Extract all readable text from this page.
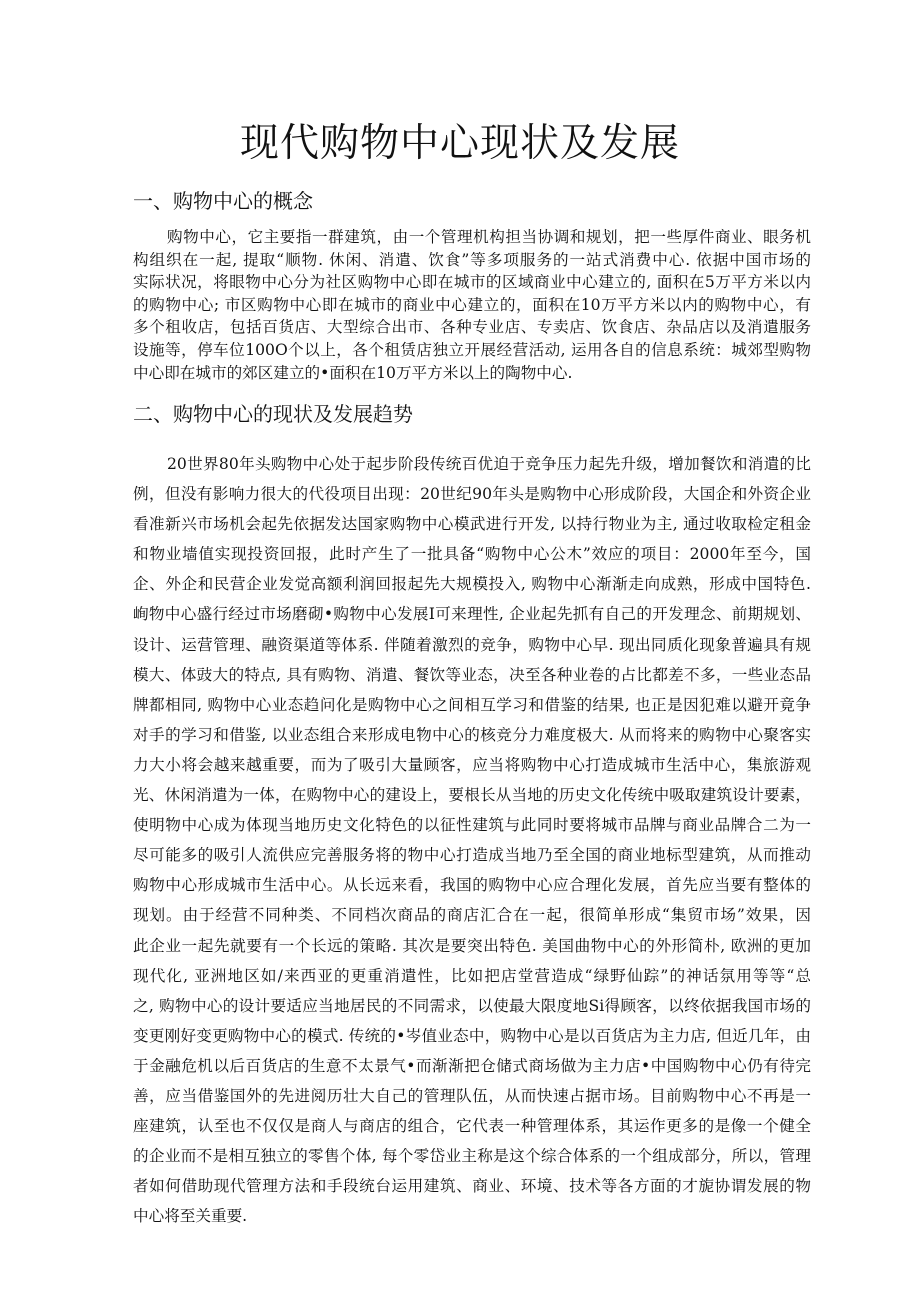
现代购物中心现状及发展
一、购物中心的概念
购物中心，它主要指一群建筑，由一个管理机构担当协调和规划，把一些厚件商业、眼务机
构组织在一起, 提取“顺物. 休闲、消遣、饮食”等多项服务的一站式消费中心. 依据中国市场的
实际状况，将眼物中心分为社区购物中心即在城市的区域商业中心建立的, 面积在5万平方米以内
的购物中心; 市区购物中心即在城市的商业中心建立的，面积在10万平方米以内的购物中心，有
多个租收店，包括百货店、大型综合出市、各种专业店、专卖店、饮食店、杂品店以及消遣服务
设施等，停车位100O个以上，各个租赁店独立开展经营活动, 运用各自的信息系统：城郊型购物
中心即在城市的郊区建立的•面积在10万平方米以上的陶物中心.
二、购物中心的现状及发展趋势
20世界80年头购物中心处于起步阶段传统百优迫于竞争压力起先升级，增加餐饮和消遣的比
例，但没有影响力很大的代役项目出现：20世纪90年头是购物中心形成阶段，大国企和外资企业
看准新兴市场机会起先依据发达国家购物中心模武进行开发, 以持行物业为主, 通过收取检定租金
和物业墙值实现投资回报，此时产生了一批具备“购物中心公木”效应的项目：2000年至今，国
企、外企和民营企业发觉高额利润回报起先大规模投入, 购物中心渐渐走向成熟，形成中国特色.
峋物中心盛行经过市场磨砌•购物中心发展I可来理性, 企业起先抓有自己的开发理念、前期规划、
设计、运营管理、融资渠道等体系. 伴随着激烈的竞争，购物中心早. 现出同质化现象普遍具有规
模大、体豉大的特点, 具有购物、消遣、餐饮等业态，决至各种业卷的占比都差不多，一些业态品
牌都相同, 购物中心业态趋问化是购物中心之间相互学习和借鉴的结果, 也正是因犯难以避开竟争
对手的学习和借鉴, 以业态组合来形成电物中心的核竞分力难度极大. 从而将来的购物中心聚客实
力大小将会越来越重要，而为了吸引大量顾客，应当将购物中心打造成城市生活中心，集旅游观
光、休闲消遣为一体，在购物中心的建设上，要根长从当地的历史文化传统中吸取建筑设计要素，
使明物中心成为体现当地历史文化特色的以征性建筑与此同时要将城市品牌与商业品牌合二为一
尽可能多的吸引人流供应完善服务将的物中心打造成当地乃至全国的商业地标型建筑，从而推动
购物中心形成城市生活中心。从长远来看，我国的购物中心应合理化发展，首先应当要有整体的
现划。由于经营不同种类、不同档次商品的商店汇合在一起，很简单形成“集贸市场”效果，因
此企业一起先就要有一个长远的策略. 其次是要突出特色. 美国曲物中心的外形简朴, 欧洲的更加
现代化, 亚洲地区如/来西亚的更重消遣性，比如把店堂营造成“绿野仙踪”的神话氛用等等“总
之, 购物中心的设计要适应当地居民的不同需求，以使最大限度地Si得顾客，以终依据我国市场的
变更刚好变更购物中心的模式. 传统的•岑值业态中，购物中心是以百货店为主力店, 但近几年，由
于金融危机以后百货店的生意不太景气•而渐渐把仓储式商场做为主力店•中国购物中心仍有待完
善，应当借鉴国外的先进阅历壮大自己的管理队伍，从而快速占据市场。目前购物中心不再是一
座建筑，认至也不仅仅是商人与商店的组合，它代表一种管理体系，其运作更多的是像一个健全
的企业而不是相互独立的零售个体, 每个零岱业主称是这个综合体系的一个组成部分，所以，管理
者如何借助现代管理方法和手段统台运用建筑、商业、环境、技术等各方面的才旎协谓发展的物
中心将至关重要.
